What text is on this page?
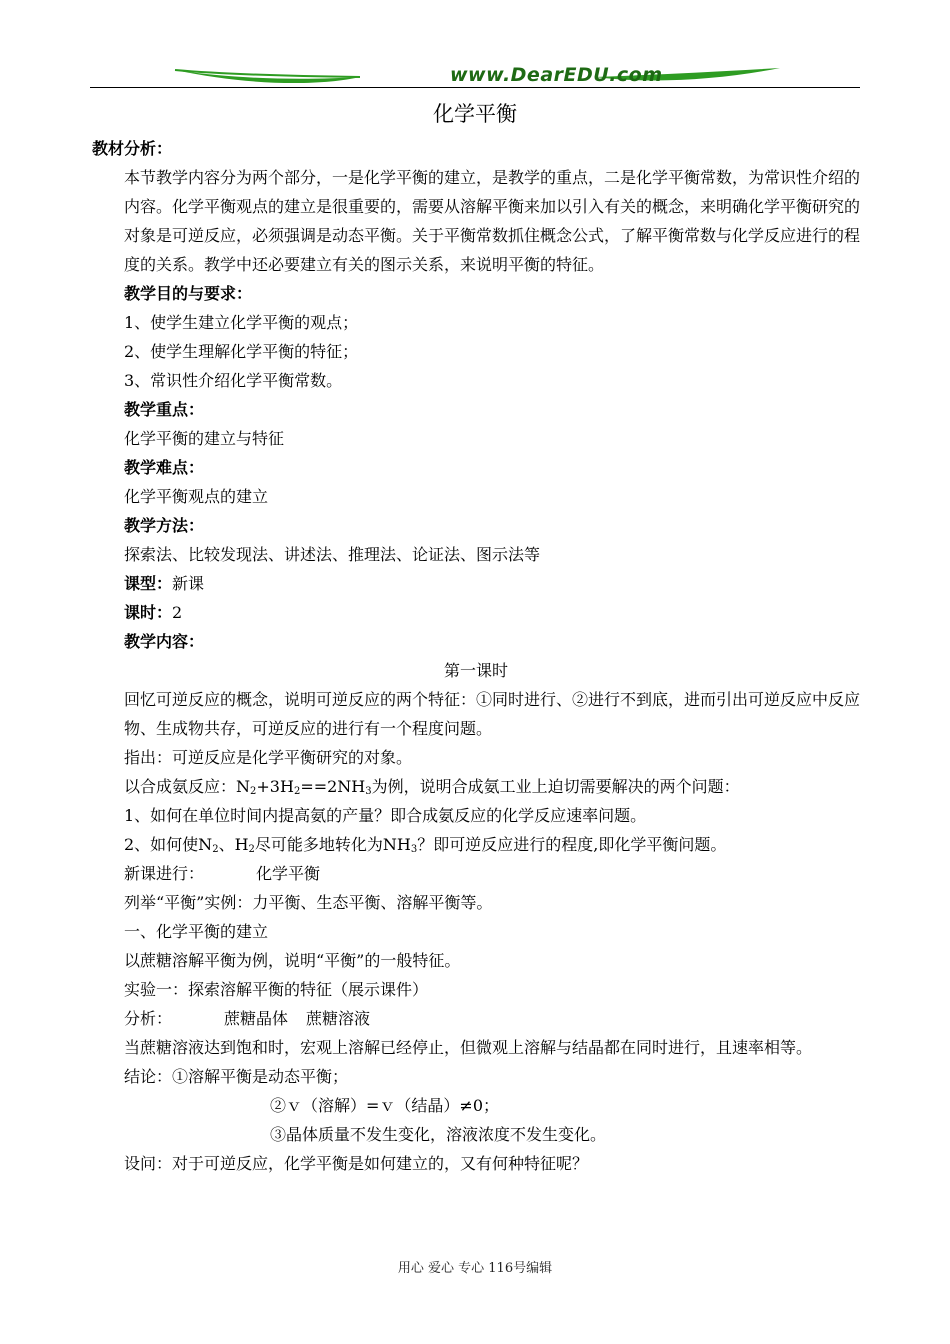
www.DearEDU.com
化学平衡
教材分析：
本节教学内容分为两个部分，一是化学平衡的建立，是教学的重点，二是化学平衡常数，为常识性介绍的内容。化学平衡观点的建立是很重要的，需要从溶解平衡来加以引入有关的概念，来明确化学平衡研究的对象是可逆反应，必须强调是动态平衡。关于平衡常数抓住概念公式，了解平衡常数与化学反应进行的程度的关系。教学中还必要建立有关的图示关系，来说明平衡的特征。
教学目的与要求：
1、使学生建立化学平衡的观点；
2、使学生理解化学平衡的特征；
3、常识性介绍化学平衡常数。
教学重点：
化学平衡的建立与特征
教学难点：
化学平衡观点的建立
教学方法：
探索法、比较发现法、讲述法、推理法、论证法、图示法等
课型：新课
课时：2
教学内容：
第一课时
回忆可逆反应的概念，说明可逆反应的两个特征：①同时进行、②进行不到底，进而引出可逆反应中反应物、生成物共存，可逆反应的进行有一个程度问题。
指出：可逆反应是化学平衡研究的对象。
以合成氨反应：$N_2+3H_2==2NH_3$为例，说明合成氨工业上迫切需要解决的两个问题：
1、如何在单位时间内提高氨的产量？即合成氨反应的化学反应速率问题。
2、如何使$N_2$、$H_2$尽可能多地转化为$NH_3$？即可逆反应进行的程度,即化学平衡问题。
新课进行：	化学平衡
列举“平衡”实例：力平衡、生态平衡、溶解平衡等。
一、化学平衡的建立
以蔗糖溶解平衡为例，说明“平衡”的一般特征。
实验一：探索溶解平衡的特征（展示课件）
分析：	蔗糖晶体 蔗糖溶液
当蔗糖溶液达到饱和时，宏观上溶解已经停止，但微观上溶解与结晶都在同时进行，且速率相等。
结论：①溶解平衡是动态平衡；
②ｖ（溶解）=ｖ（结晶）≠0；
③晶体质量不发生变化，溶液浓度不发生变化。
设问：对于可逆反应，化学平衡是如何建立的，又有何种特征呢？
用心 爱心 专心 116号编辑
